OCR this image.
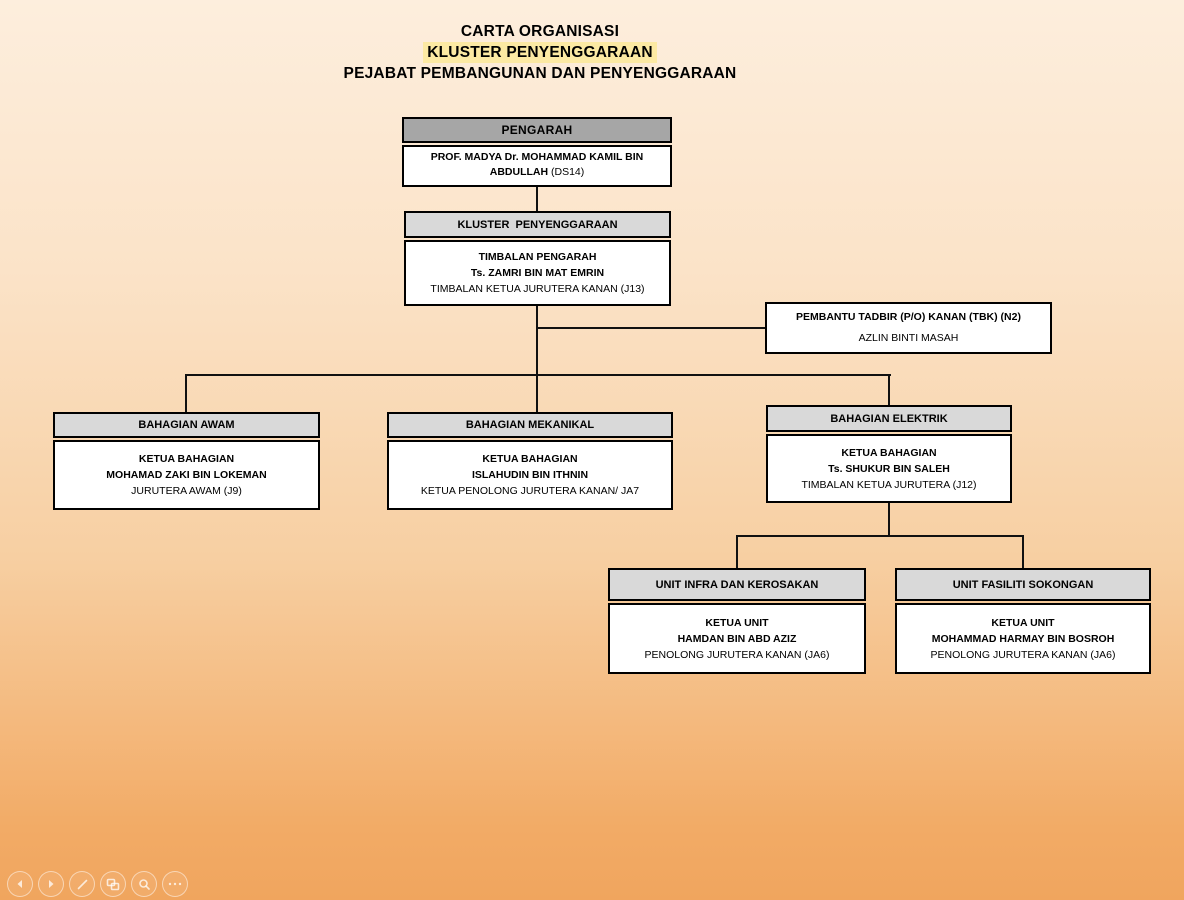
CARTA ORGANISASI
KLUSTER PENYENGGARAAN
PEJABAT PEMBANGUNAN DAN PENYENGGARAAN
PENGARAH
PROF. MADYA Dr. MOHAMMAD KAMIL BIN ABDULLAH (DS14)
KLUSTER  PENYENGGARAAN
TIMBALAN PENGARAH
Ts. ZAMRI BIN MAT EMRIN
TIMBALAN KETUA JURUTERA KANAN (J13)
PEMBANTU TADBIR (P/O) KANAN (TBK) (N2)
AZLIN BINTI MASAH
BAHAGIAN AWAM
KETUA BAHAGIAN
MOHAMAD ZAKI BIN LOKEMAN
JURUTERA AWAM (J9)
BAHAGIAN MEKANIKAL
KETUA BAHAGIAN
ISLAHUDIN BIN ITHNIN
KETUA PENOLONG JURUTERA KANAN/ JA7
BAHAGIAN ELEKTRIK
KETUA BAHAGIAN
Ts. SHUKUR BIN SALEH
TIMBALAN KETUA JURUTERA (J12)
UNIT INFRA DAN KEROSAKAN
KETUA UNIT
HAMDAN BIN ABD AZIZ
PENOLONG JURUTERA KANAN (JA6)
UNIT FASILITI SOKONGAN
KETUA UNIT
MOHAMMAD HARMAY BIN BOSROH
PENOLONG JURUTERA KANAN (JA6)
